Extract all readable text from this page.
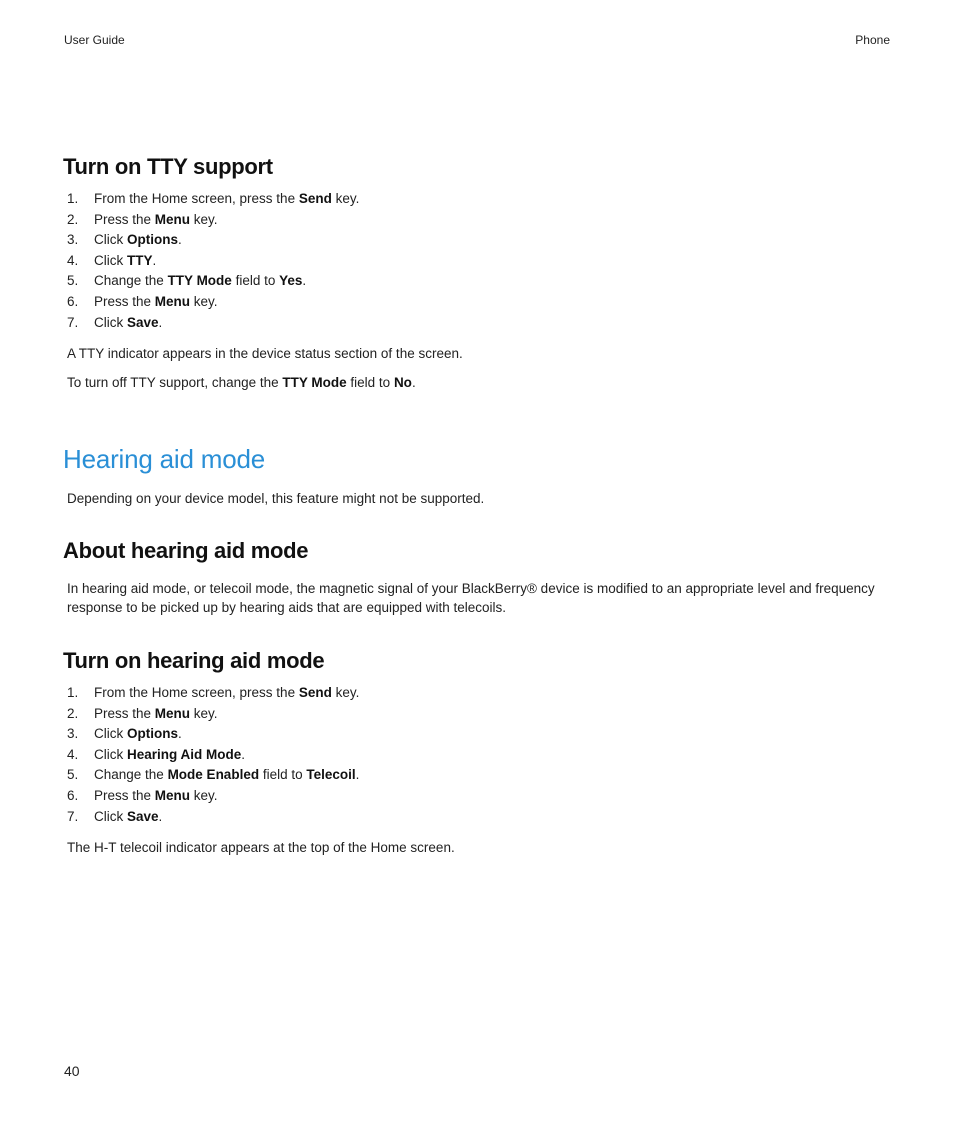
User Guide	Phone
Turn on TTY support
1. From the Home screen, press the Send key.
2. Press the Menu key.
3. Click Options.
4. Click TTY.
5. Change the TTY Mode field to Yes.
6. Press the Menu key.
7. Click Save.

A TTY indicator appears in the device status section of the screen.

To turn off TTY support, change the TTY Mode field to No.

Hearing aid mode

Depending on your device model, this feature might not be supported.

About hearing aid mode

In hearing aid mode, or telecoil mode, the magnetic signal of your BlackBerry® device is modified to an appropriate level and frequency response to be picked up by hearing aids that are equipped with telecoils.

Turn on hearing aid mode
1. From the Home screen, press the Send key.
2. Press the Menu key.
3. Click Options.
4. Click Hearing Aid Mode.
5. Change the Mode Enabled field to Telecoil.
6. Press the Menu key.
7. Click Save.

The H-T telecoil indicator appears at the top of the Home screen.

40
